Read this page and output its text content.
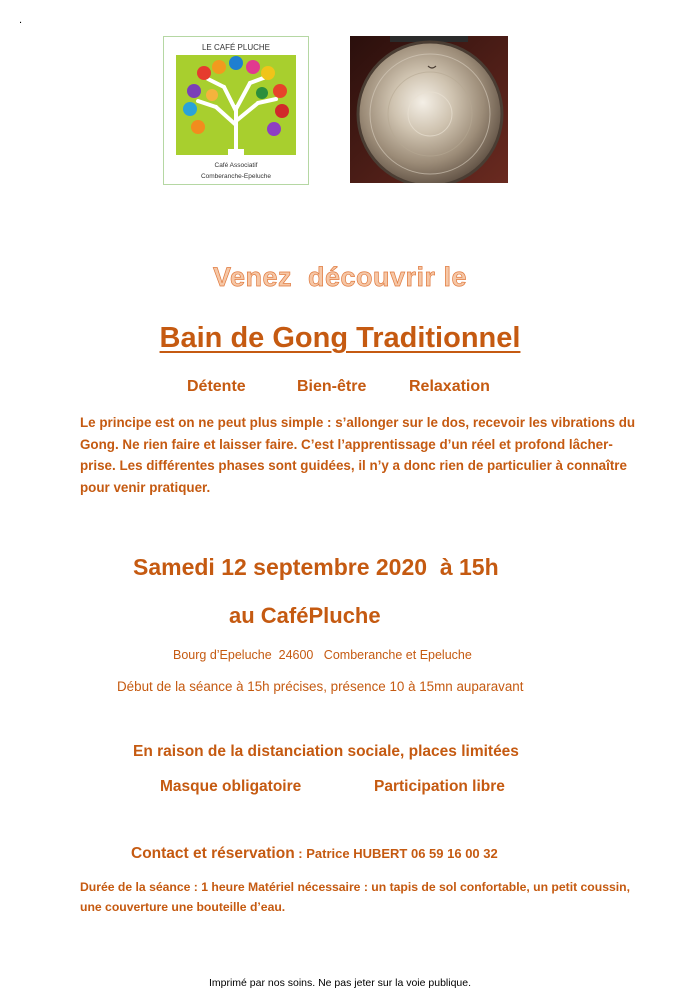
.
LE CAFÉ PLUCHE
Café Associatif
Comberanche-Epeluche
Venez découvrir le
Bain de Gong Traditionnel
Détente	Bien-être	Relaxation
Le principe est on ne peut plus simple : s’allonger sur le dos, recevoir les vibrations du Gong. Ne rien faire et laisser faire. C’est l’apprentissage d’un réel et profond lâcher-prise. Les différentes phases sont guidées, il n’y a donc rien de particulier à connaître pour venir pratiquer.
Samedi 12 septembre 2020  à 15h
au CaféPluche
Bourg d’Epeluche  24600   Comberanche et Epeluche
Début de la séance à 15h précises, présence 10 à 15mn auparavant
En raison de la distanciation sociale, places limitées
Masque obligatoire	Participation libre
Contact et réservation : Patrice HUBERT 06 59 16 00 32
Durée de la séance : 1 heure Matériel nécessaire : un tapis de sol confortable, un petit coussin, une couverture une bouteille d’eau.
Imprimé par nos soins. Ne pas jeter sur la voie publique.
